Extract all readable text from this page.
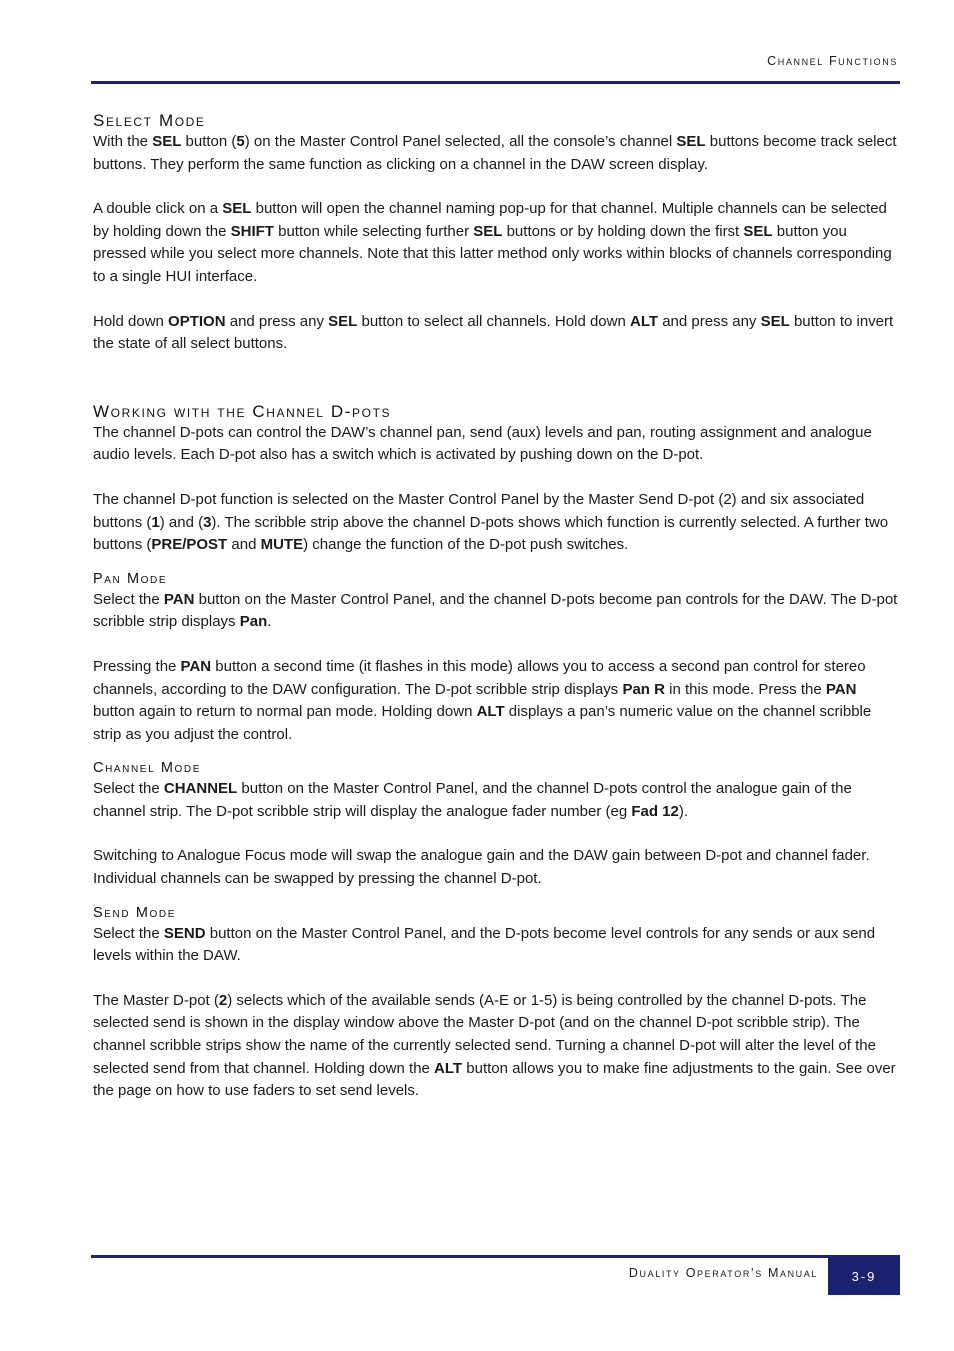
Channel Functions
Select Mode

With the SEL button (5) on the Master Control Panel selected, all the console’s channel SEL buttons become track select buttons. They perform the same function as clicking on a channel in the DAW screen display.

A double click on a SEL button will open the channel naming pop-up for that channel. Multiple channels can be selected by holding down the SHIFT button while selecting further SEL buttons or by holding down the first SEL button you pressed while you select more channels. Note that this latter method only works within blocks of channels corresponding to a single HUI interface.

Hold down OPTION and press any SEL button to select all channels. Hold down ALT and press any SEL button to invert the state of all select buttons.

Working with the Channel D-pots

The channel D-pots can control the DAW’s channel pan, send (aux) levels and pan, routing assignment and analogue audio levels. Each D-pot also has a switch which is activated by pushing down on the D-pot.

The channel D-pot function is selected on the Master Control Panel by the Master Send D-pot (2) and six associated buttons (1) and (3). The scribble strip above the channel D-pots shows which function is currently selected. A further two buttons (PRE/POST and MUTE) change the function of the D-pot push switches.

Pan Mode

Select the PAN button on the Master Control Panel, and the channel D-pots become pan controls for the DAW. The D-pot scribble strip displays Pan.

Pressing the PAN button a second time (it flashes in this mode) allows you to access a second pan control for stereo channels, according to the DAW configuration. The D-pot scribble strip displays Pan R in this mode. Press the PAN button again to return to normal pan mode. Holding down ALT displays a pan’s numeric value on the channel scribble strip as you adjust the control.

Channel Mode

Select the CHANNEL button on the Master Control Panel, and the channel D-pots control the analogue gain of the channel strip. The D-pot scribble strip will display the analogue fader number (eg Fad 12).

Switching to Analogue Focus mode will swap the analogue gain and the DAW gain between D-pot and channel fader. Individual channels can be swapped by pressing the channel D-pot.

Send Mode

Select the SEND button on the Master Control Panel, and the D-pots become level controls for any sends or aux send levels within the DAW.

The Master D-pot (2) selects which of the available sends (A-E or 1-5) is being controlled by the channel D-pots. The selected send is shown in the display window above the Master D-pot (and on the channel D-pot scribble strip). The channel scribble strips show the name of the currently selected send. Turning a channel D-pot will alter the level of the selected send from that channel. Holding down the ALT button allows you to make fine adjustments to the gain. See over the page on how to use faders to set send levels.

Duality Operator’s Manual	3-9
